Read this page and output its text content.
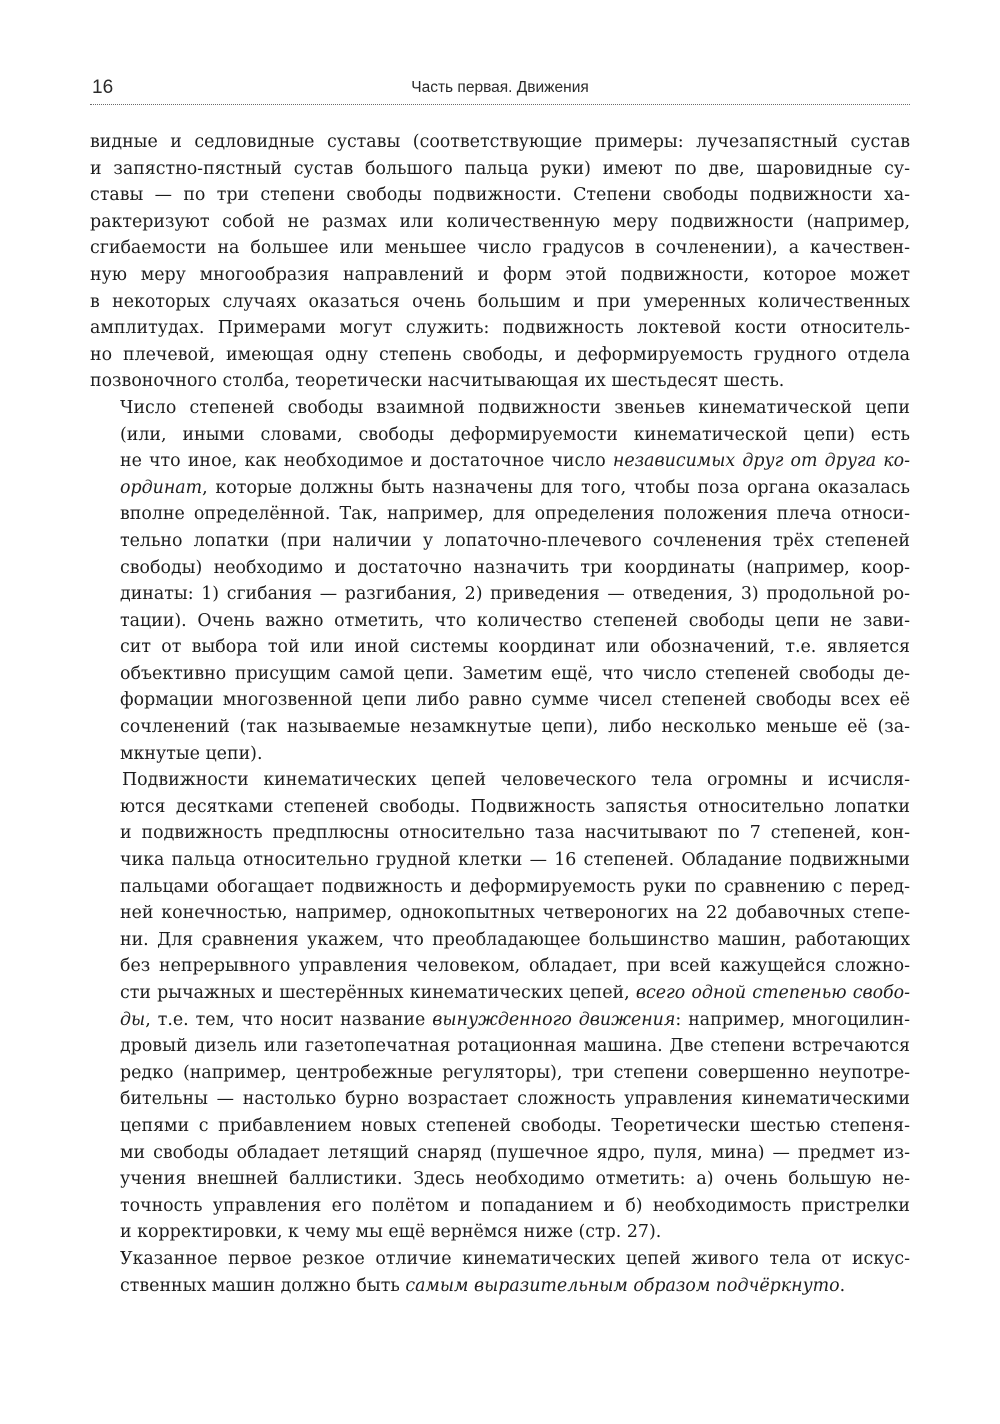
16	Часть первая. Движения
видные и седловидные суставы (соответствующие примеры: лучезапястный сустав
и запястно-пястный сустав большого пальца руки) имеют по две, шаровидные су-
ставы — по три степени свободы подвижности. Степени свободы подвижности ха-
рактеризуют собой не размах или количественную меру подвижности (например,
сгибаемости на большее или меньшее число градусов в сочленении), а качествен-
ную меру многообразия направлений и форм этой подвижности, которое может
в некоторых случаях оказаться очень большим и при умеренных количественных
амплитудах. Примерами могут служить: подвижность локтевой кости относитель-
но плечевой, имеющая одну степень свободы, и деформируемость грудного отдела
позвоночного столба, теоретически насчитывающая их шестьдесят шесть.
Число степеней свободы взаимной подвижности звеньев кинематической цепи
(или, иными словами, свободы деформируемости кинематической цепи) есть
не что иное, как необходимое и достаточное число независимых друг от друга ко-
ординат, которые должны быть назначены для того, чтобы поза органа оказалась
вполне определённой. Так, например, для определения положения плеча относи-
тельно лопатки (при наличии у лопаточно-плечевого сочленения трёх степеней
свободы) необходимо и достаточно назначить три координаты (например, коор-
динаты: 1) сгибания — разгибания, 2) приведения — отведения, 3) продольной ро-
тации). Очень важно отметить, что количество степеней свободы цепи не зави-
сит от выбора той или иной системы координат или обозначений, т.е. является
объективно присущим самой цепи. Заметим ещё, что число степеней свободы де-
формации многозвенной цепи либо равно сумме чисел степеней свободы всех её
сочленений (так называемые незамкнутые цепи), либо несколько меньше её (за-
мкнутые цепи).
Подвижности кинематических цепей человеческого тела огромны и исчисля-
ются десятками степеней свободы. Подвижность запястья относительно лопатки
и подвижность предплюсны относительно таза насчитывают по 7 степеней, кон-
чика пальца относительно грудной клетки — 16 степеней. Обладание подвижными
пальцами обогащает подвижность и деформируемость руки по сравнению с перед-
ней конечностью, например, однокопытных четвероногих на 22 добавочных степе-
ни. Для сравнения укажем, что преобладающее большинство машин, работающих
без непрерывного управления человеком, обладает, при всей кажущейся сложно-
сти рычажных и шестерённых кинематических цепей, всего одной степенью свобо-
ды, т.е. тем, что носит название вынужденного движения: например, многоцилин-
дровый дизель или газетопечатная ротационная машина. Две степени встречаются
редко (например, центробежные регуляторы), три степени совершенно неупотре-
бительны — настолько бурно возрастает сложность управления кинематическими
цепями с прибавлением новых степеней свободы. Теоретически шестью степеня-
ми свободы обладает летящий снаряд (пушечное ядро, пуля, мина) — предмет из-
учения внешней баллистики. Здесь необходимо отметить: а) очень большую не-
точность управления его полётом и попаданием и б) необходимость пристрелки
и корректировки, к чему мы ещё вернёмся ниже (стр. 27).
Указанное первое резкое отличие кинематических цепей живого тела от искус-
ственных машин должно быть самым выразительным образом подчёркнуто.
